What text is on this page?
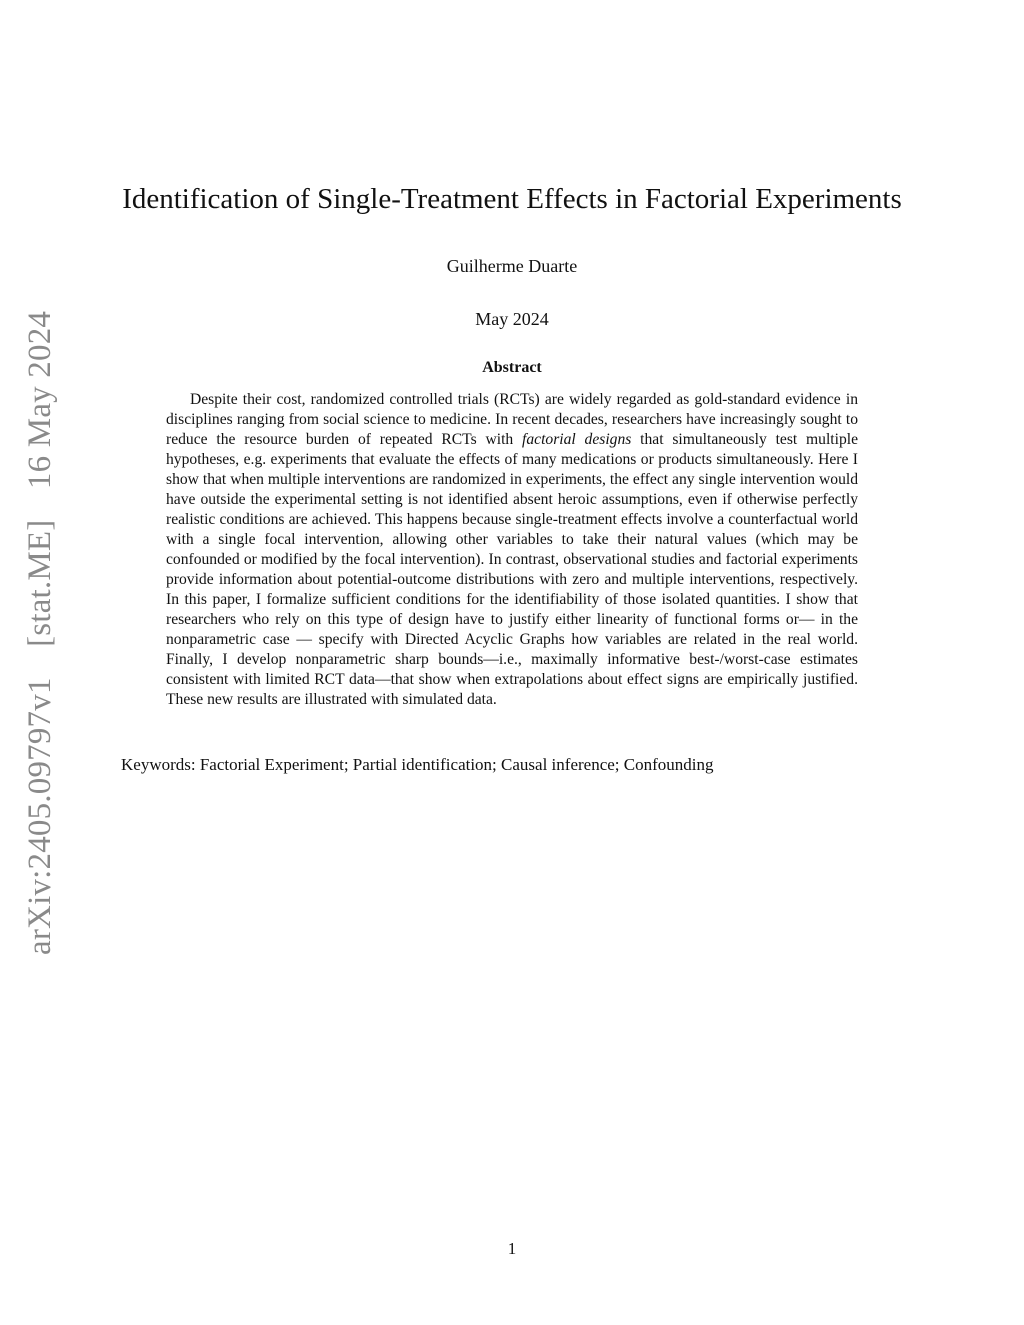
arXiv:2405.09797v1 [stat.ME] 16 May 2024
Identification of Single-Treatment Effects in Factorial Experiments
Guilherme Duarte
May 2024
Abstract

Despite their cost, randomized controlled trials (RCTs) are widely regarded as gold-standard evidence in disciplines ranging from social science to medicine. In recent decades, researchers have increasingly sought to reduce the resource burden of repeated RCTs with factorial designs that simultaneously test multiple hypotheses, e.g. experiments that evaluate the effects of many medications or products simultaneously. Here I show that when multiple interventions are randomized in experiments, the effect any single intervention would have outside the experimental setting is not identified absent heroic assumptions, even if otherwise perfectly realistic conditions are achieved. This happens because single-treatment effects involve a counterfactual world with a single focal intervention, allowing other variables to take their natural values (which may be confounded or modified by the focal intervention). In contrast, observational studies and factorial experiments provide information about potential-outcome distributions with zero and multiple interventions, respectively. In this paper, I formalize sufficient conditions for the identifiability of those isolated quantities. I show that researchers who rely on this type of design have to justify either linearity of functional forms or— in the nonparametric case — specify with Directed Acyclic Graphs how variables are related in the real world. Finally, I develop nonparametric sharp bounds—i.e., maximally informative best-/worst-case estimates consistent with limited RCT data—that show when extrapolations about effect signs are empirically justified. These new results are illustrated with simulated data.

Keywords: Factorial Experiment; Partial identification; Causal inference; Confounding
1
